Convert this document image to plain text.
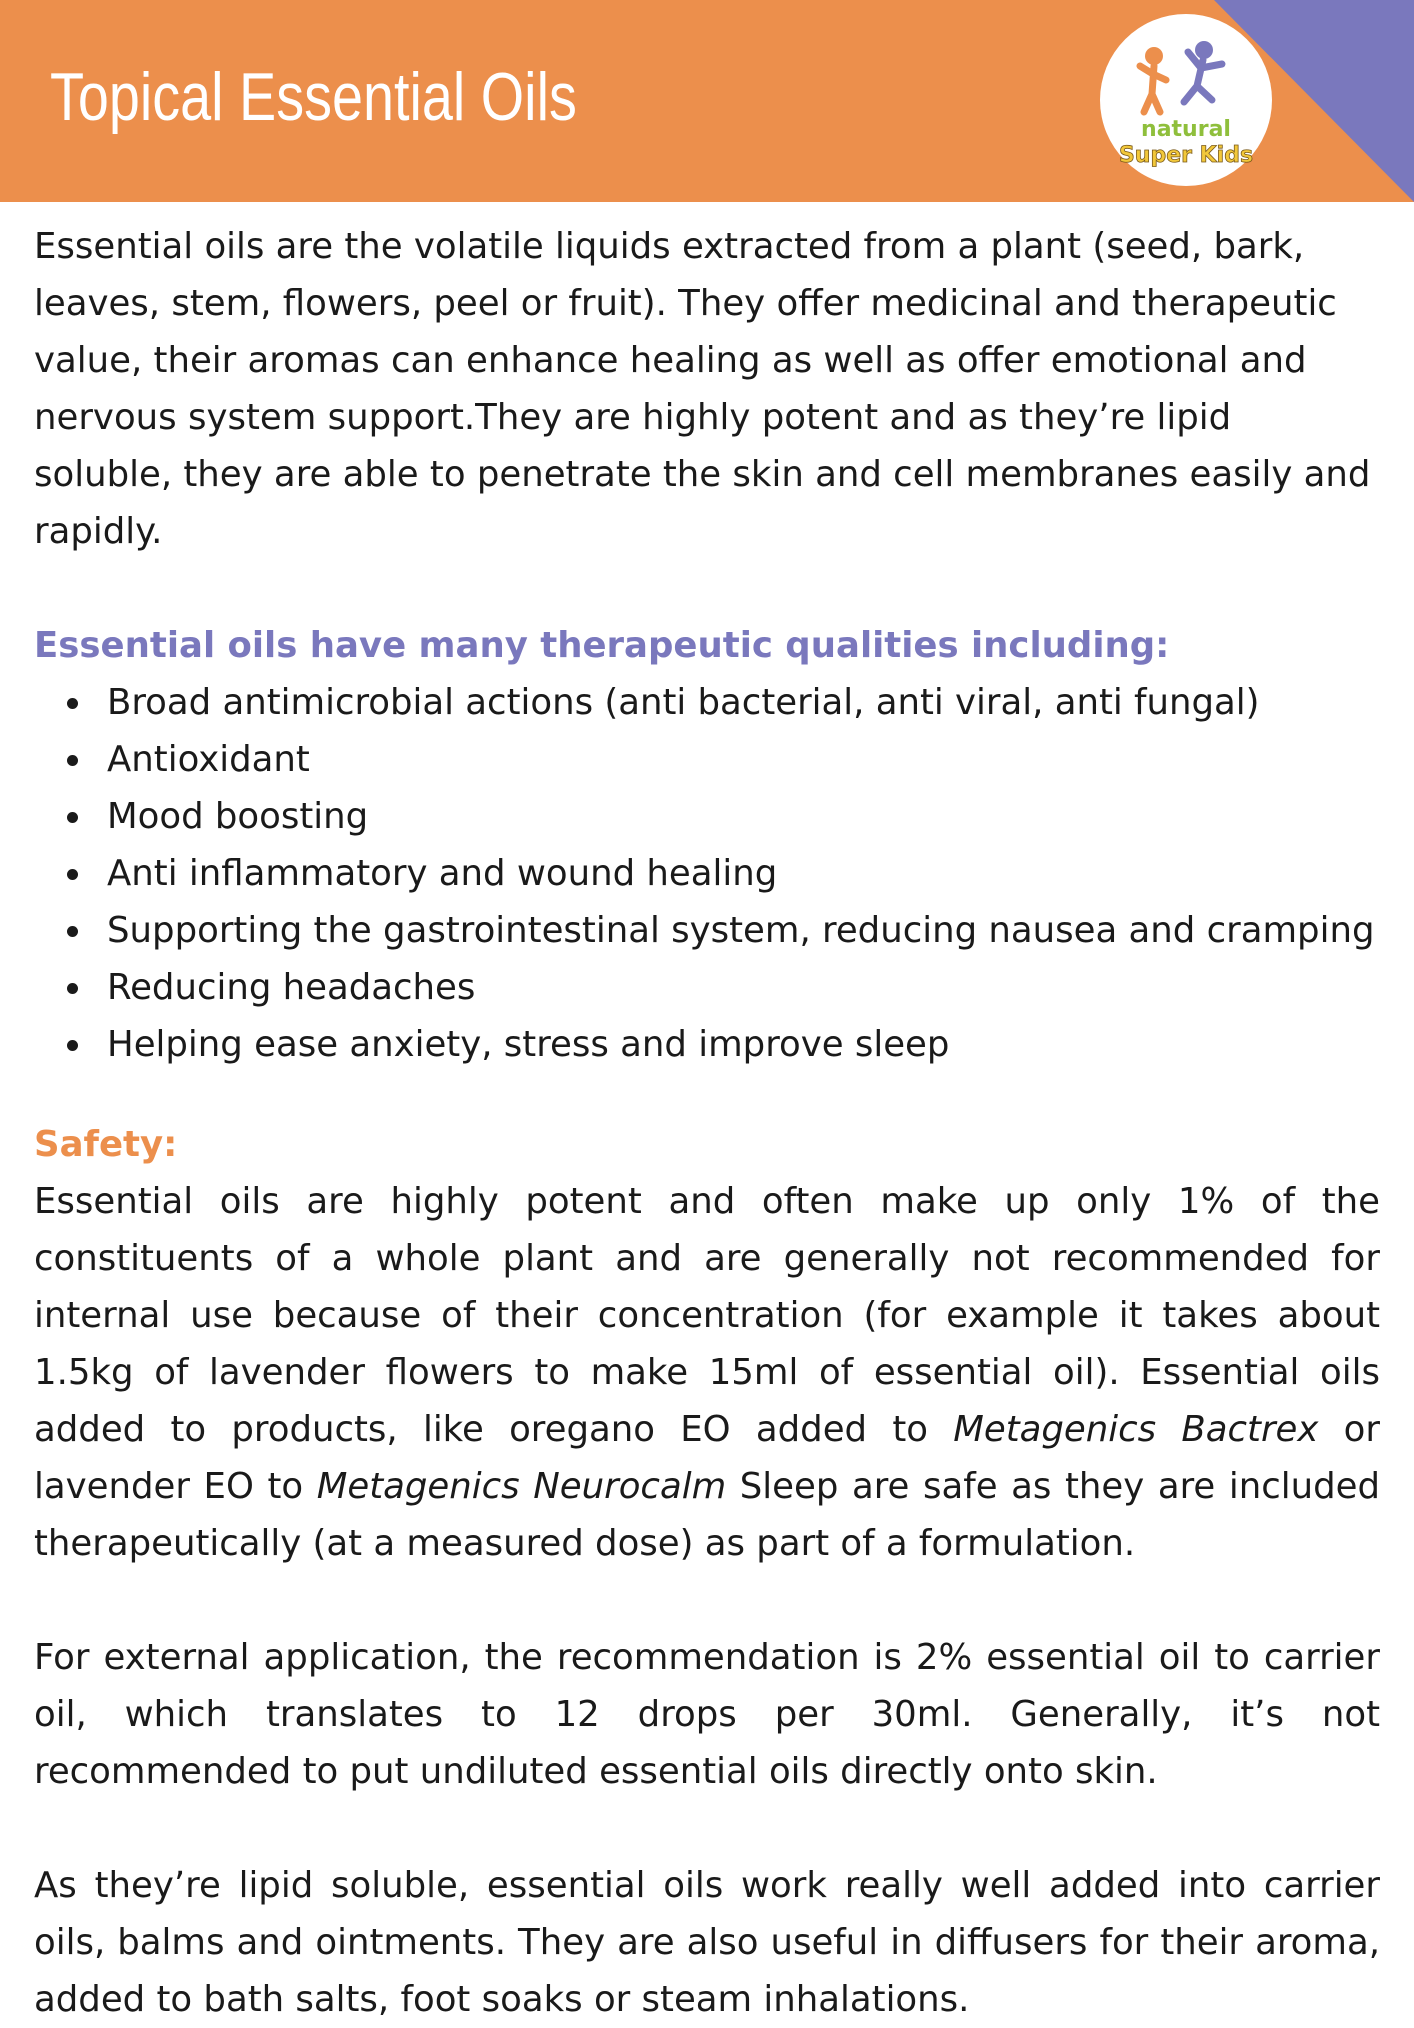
Topical Essential Oils	natural
Super Kids

Essential oils are the volatile liquids extracted from a plant (seed, bark, leaves, stem, flowers, peel or fruit). They offer medicinal and therapeutic value, their aromas can enhance healing as well as offer emotional and nervous system support.They are highly potent and as they’re lipid soluble, they are able to penetrate the skin and cell membranes easily and rapidly.

Essential oils have many therapeutic qualities including:

Broad antimicrobial actions (anti bacterial, anti viral, anti fungal)
Antioxidant
Mood boosting
Anti inflammatory and wound healing
Supporting the gastrointestinal system, reducing nausea and cramping
Reducing headaches
Helping ease anxiety, stress and improve sleep

Safety:

Essential oils are highly potent and often make up only 1% of the constituents of a whole plant and are generally not recommended for internal use because of their concentration (for example it takes about 1.5kg of lavender flowers to make 15ml of essential oil). Essential oils added to products, like oregano EO added to Metagenics Bactrex or lavender EO to Metagenics Neurocalm Sleep are safe as they are included therapeutically (at a measured dose) as part of a formulation.

For external application, the recommendation is 2% essential oil to carrier oil, which translates to 12 drops per 30ml. Generally, it’s not recommended to put undiluted essential oils directly onto skin.

As they’re lipid soluble, essential oils work really well added into carrier oils, balms and ointments. They are also useful in diffusers for their aroma, added to bath salts, foot soaks or steam inhalations.
